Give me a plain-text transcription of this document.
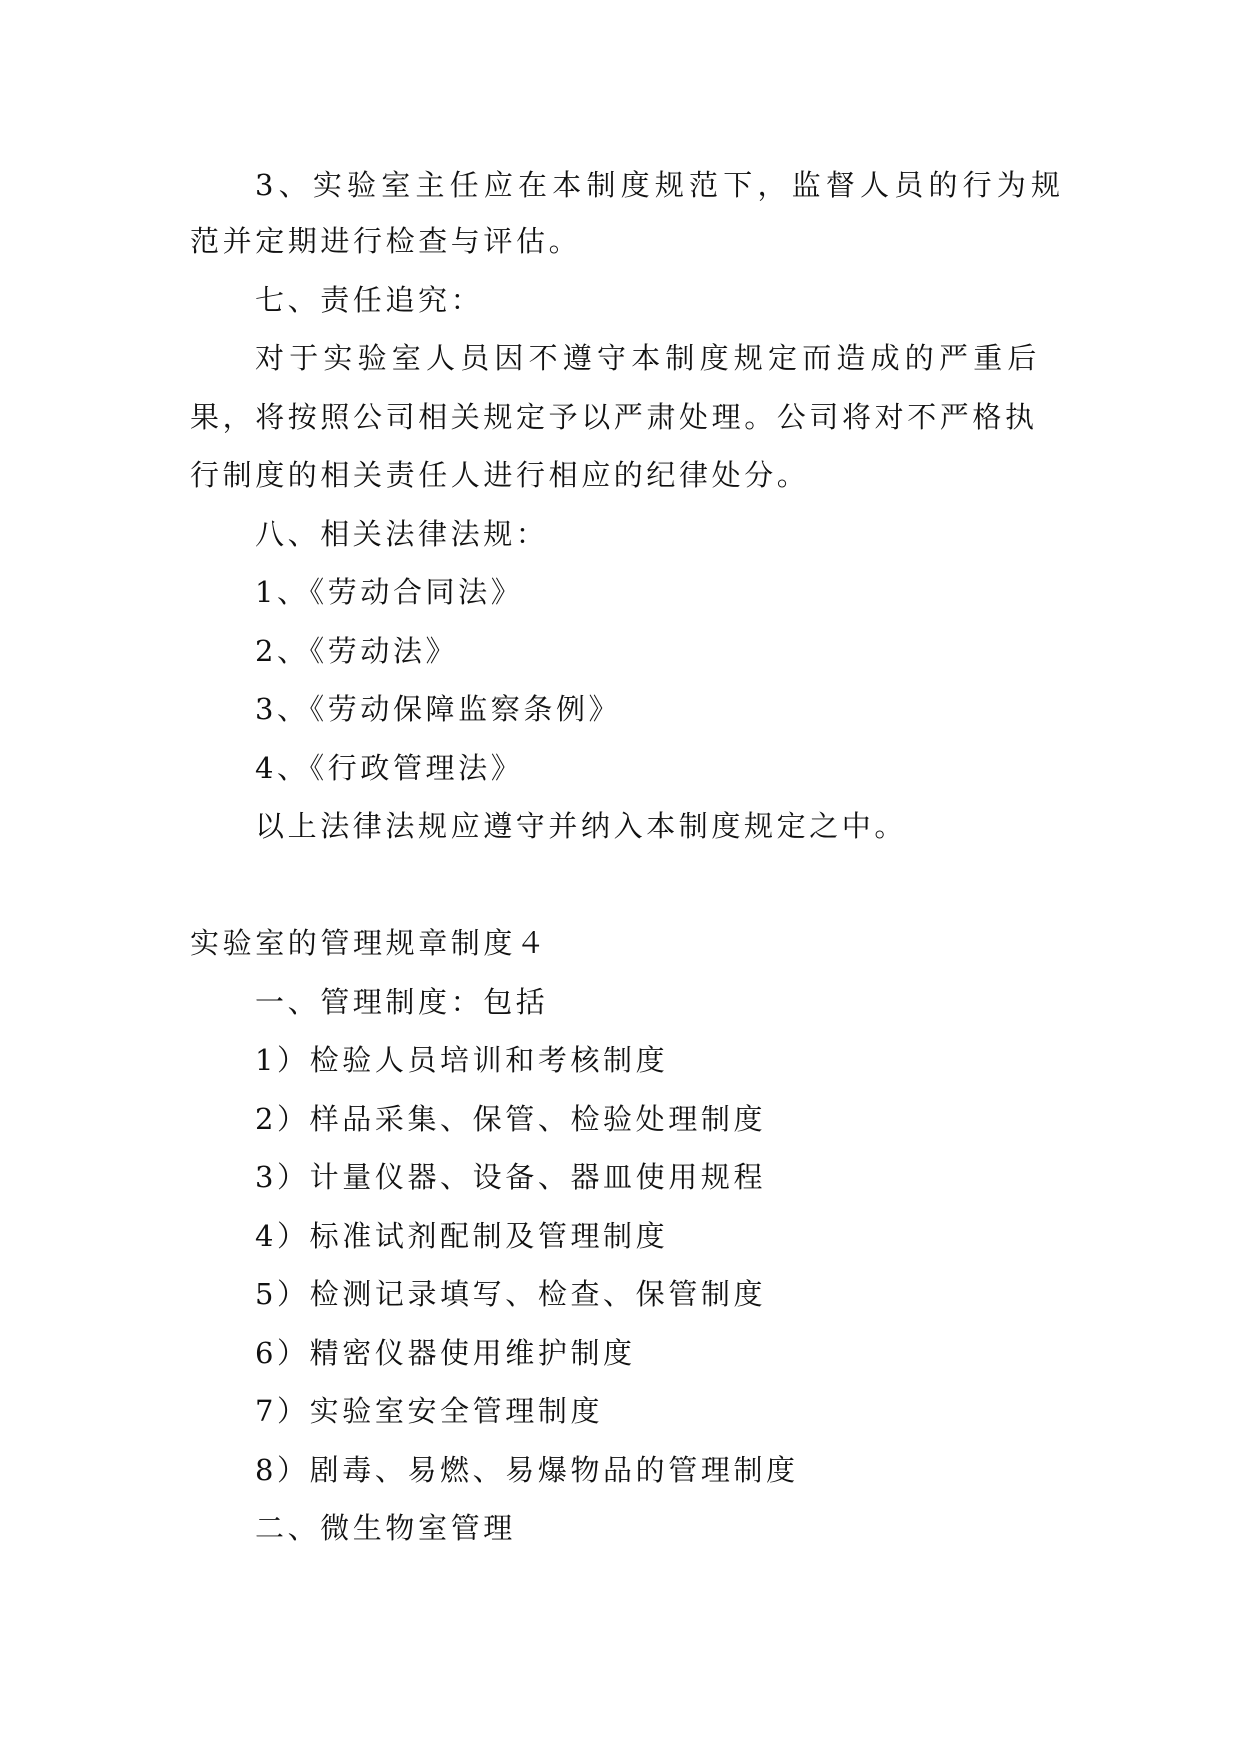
3、实验室主任应在本制度规范下，监督人员的行为规
范并定期进行检查与评估。
七、责任追究：
对于实验室人员因不遵守本制度规定而造成的严重后
果，将按照公司相关规定予以严肃处理。公司将对不严格执
行制度的相关责任人进行相应的纪律处分。
八、相关法律法规：
1、《劳动合同法》
2、《劳动法》
3、《劳动保障监察条例》
4、《行政管理法》
以上法律法规应遵守并纳入本制度规定之中。
实验室的管理规章制度４
一、管理制度：包括
1）检验人员培训和考核制度
2）样品采集、保管、检验处理制度
3）计量仪器、设备、器皿使用规程
4）标准试剂配制及管理制度
5）检测记录填写、检查、保管制度
6）精密仪器使用维护制度
7）实验室安全管理制度
8）剧毒、易燃、易爆物品的管理制度
二、微生物室管理
